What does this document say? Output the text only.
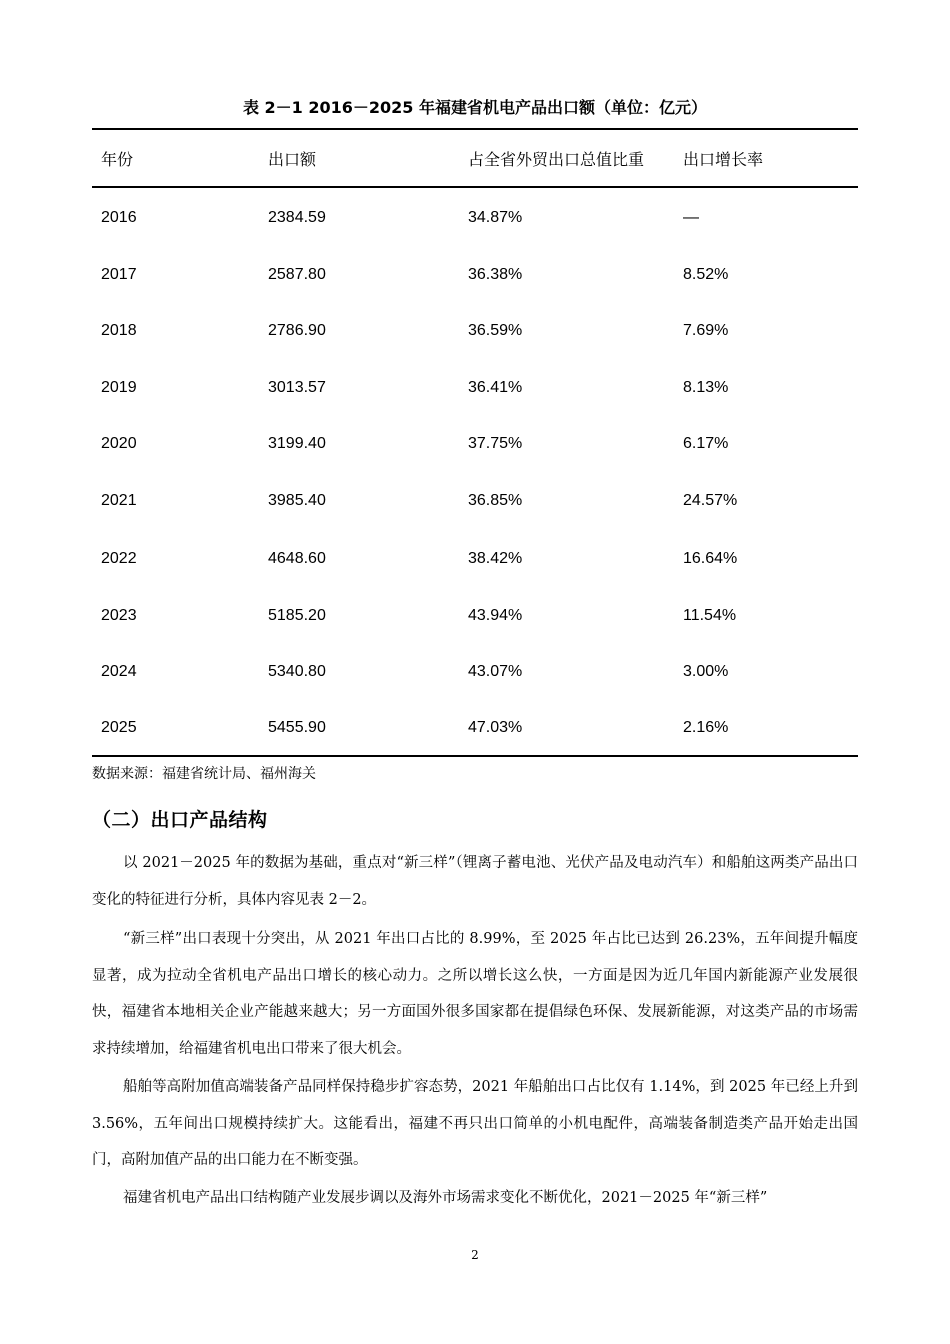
表 2－1 2016－2025 年福建省机电产品出口额（单位：亿元）
年份	出口额	占全省外贸出口总值比重	出口增长率
2016	2384.59	34.87%	—
2017	2587.80	36.38%	8.52%
2018	2786.90	36.59%	7.69%
2019	3013.57	36.41%	8.13%
2020	3199.40	37.75%	6.17%
2021	3985.40	36.85%	24.57%
2022	4648.60	38.42%	16.64%
2023	5185.20	43.94%	11.54%
2024	5340.80	43.07%	3.00%
2025	5455.90	47.03%	2.16%
数据来源：福建省统计局、福州海关
（二）出口产品结构

以 2021－2025 年的数据为基础，重点对“新三样”（锂离子蓄电池、光伏产品及电动汽车）和船舶这两类产品出口变化的特征进行分析，具体内容见表 2－2。

“新三样”出口表现十分突出，从 2021 年出口占比的 8.99%，至 2025 年占比已达到 26.23%，五年间提升幅度显著，成为拉动全省机电产品出口增长的核心动力。之所以增长这么快，一方面是因为近几年国内新能源产业发展很快，福建省本地相关企业产能越来越大；另一方面国外很多国家都在提倡绿色环保、发展新能源，对这类产品的市场需求持续增加，给福建省机电出口带来了很大机会。

船舶等高附加值高端装备产品同样保持稳步扩容态势，2021 年船舶出口占比仅有 1.14%，到 2025 年已经上升到 3.56%，五年间出口规模持续扩大。这能看出，福建不再只出口简单的小机电配件，高端装备制造类产品开始走出国门，高附加值产品的出口能力在不断变强。

福建省机电产品出口结构随产业发展步调以及海外市场需求变化不断优化，2021－2025 年“新三样”

2
